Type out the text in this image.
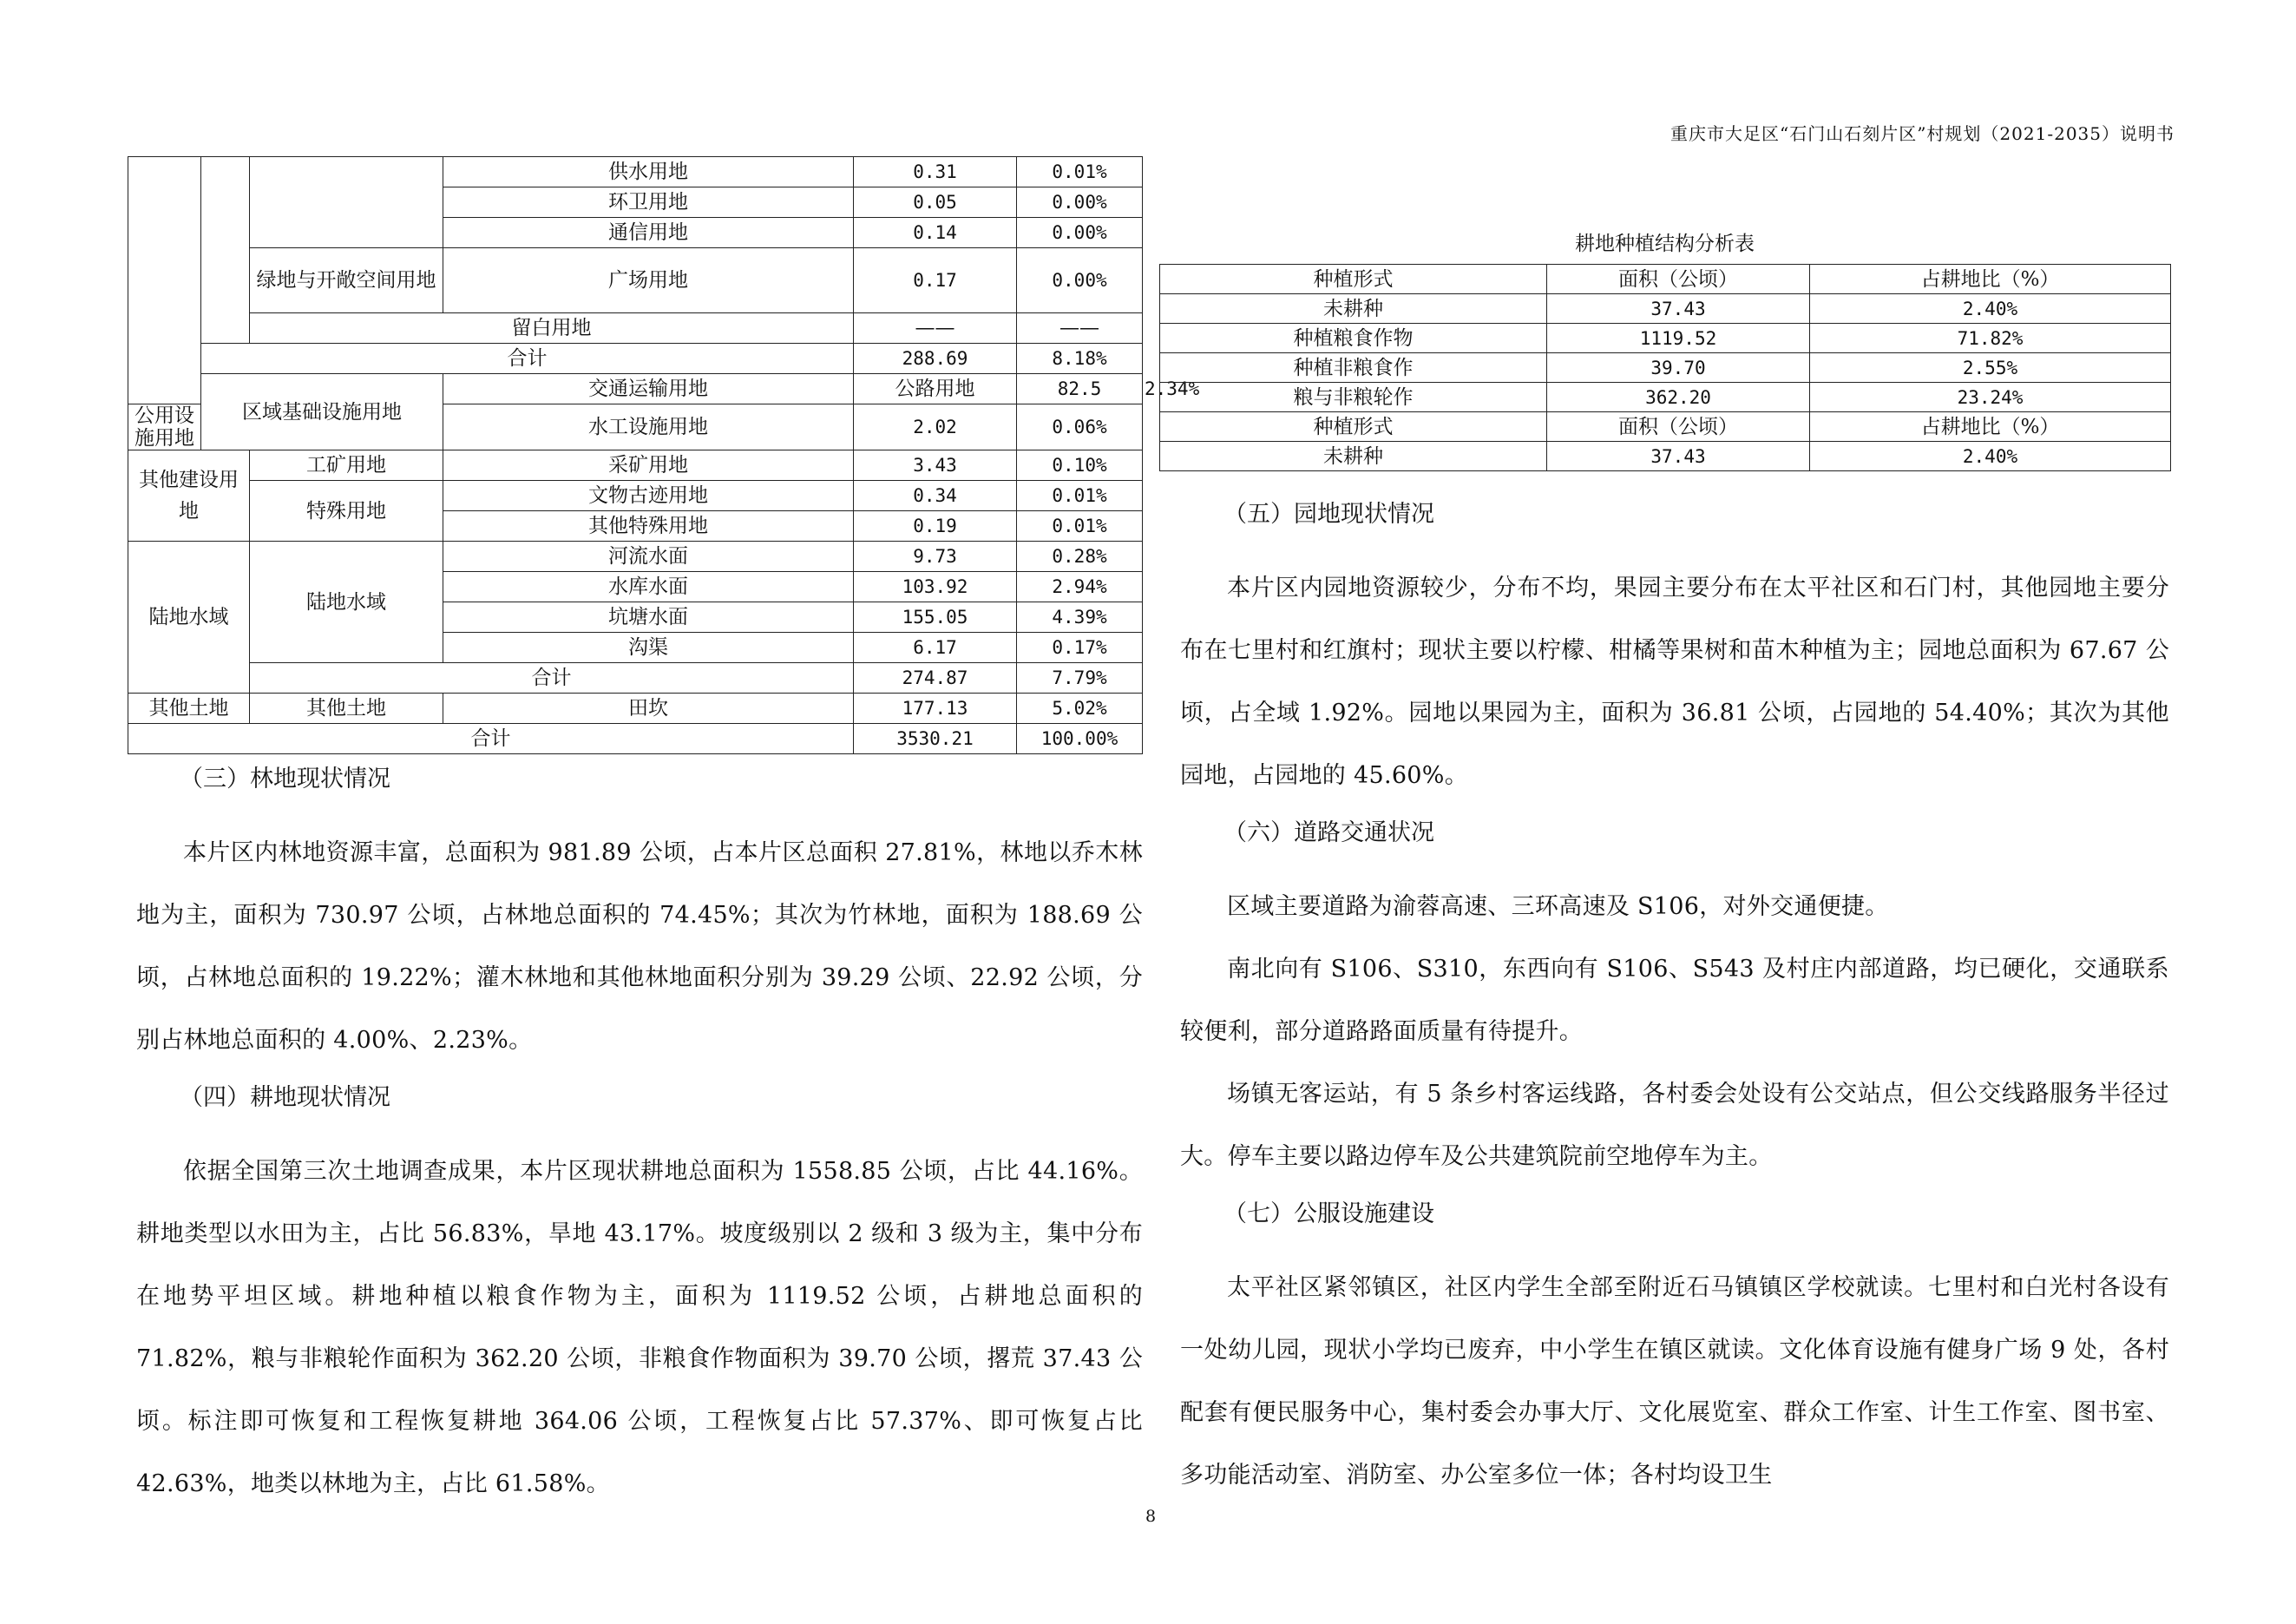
重庆市大足区“石门山石刻片区”村规划（2021-2035）说明书
			供水用地	0.31	0.01%	
			环卫用地	0.05	0.00%	
			通信用地	0.14	0.00%	
		绿地与开敞空间用地	广场用地	0.17	0.00%	
		留白用地		——	——	
	合计			288.69	8.18%	
	区域基础设施用地		交通运输用地	公路用地	82.5	2.34%
公用设施用地			水工设施用地	2.02	0.06%	
其他建设用地		工矿用地	采矿用地	3.43	0.10%	
		特殊用地	文物古迹用地	0.34	0.01%	
			其他特殊用地	0.19	0.01%	
陆地水域		陆地水域	河流水面	9.73	0.28%	
			水库水面	103.92	2.94%	
			坑塘水面	155.05	4.39%	
			沟渠	6.17	0.17%	
		合计		274.87	7.79%	
其他土地		其他土地	田坎	177.13	5.02%	
合计				3530.21	100.00%	
耕地种植结构分析表
种植形式	面积（公顷）	占耕地比（%）
未耕种	37.43	2.40%
种植粮食作物	1119.52	71.82%
种植非粮食作	39.70	2.55%
粮与非粮轮作	362.20	23.24%
种植形式	面积（公顷）	占耕地比（%）
未耕种	37.43	2.40%
（三）林地现状情况

本片区内林地资源丰富，总面积为 981.89 公顷，占本片区总面积 27.81%，林地以乔木林地为主，面积为 730.97 公顷，占林地总面积的 74.45%；其次为竹林地，面积为 188.69 公顷，占林地总面积的 19.22%；灌木林地和其他林地面积分别为 39.29 公顷、22.92 公顷，分别占林地总面积的 4.00%、2.23%。

（四）耕地现状情况

依据全国第三次土地调查成果，本片区现状耕地总面积为 1558.85 公顷，占比 44.16%。耕地类型以水田为主，占比 56.83%，旱地 43.17%。坡度级别以 2 级和 3 级为主，集中分布在地势平坦区域。耕地种植以粮食作物为主，面积为 1119.52 公顷，占耕地总面积的 71.82%，粮与非粮轮作面积为 362.20 公顷，非粮食作物面积为 39.70 公顷，撂荒 37.43 公顷。标注即可恢复和工程恢复耕地 364.06 公顷，工程恢复占比 57.37%、即可恢复占比 42.63%，地类以林地为主，占比 61.58%。

（五）园地现状情况

本片区内园地资源较少，分布不均，果园主要分布在太平社区和石门村，其他园地主要分布在七里村和红旗村；现状主要以柠檬、柑橘等果树和苗木种植为主；园地总面积为 67.67 公顷，占全域 1.92%。园地以果园为主，面积为 36.81 公顷，占园地的 54.40%；其次为其他园地，占园地的 45.60%。

（六）道路交通状况

区域主要道路为渝蓉高速、三环高速及 S106，对外交通便捷。

南北向有 S106、S310，东西向有 S106、S543 及村庄内部道路，均已硬化，交通联系较便利，部分道路路面质量有待提升。

场镇无客运站，有 5 条乡村客运线路，各村委会处设有公交站点，但公交线路服务半径过大。停车主要以路边停车及公共建筑院前空地停车为主。

（七）公服设施建设

太平社区紧邻镇区，社区内学生全部至附近石马镇镇区学校就读。七里村和白光村各设有一处幼儿园，现状小学均已废弃，中小学生在镇区就读。文化体育设施有健身广场 9 处，各村配套有便民服务中心，集村委会办事大厅、文化展览室、群众工作室、计生工作室、图书室、多功能活动室、消防室、办公室多位一体；各村均设卫生

8
